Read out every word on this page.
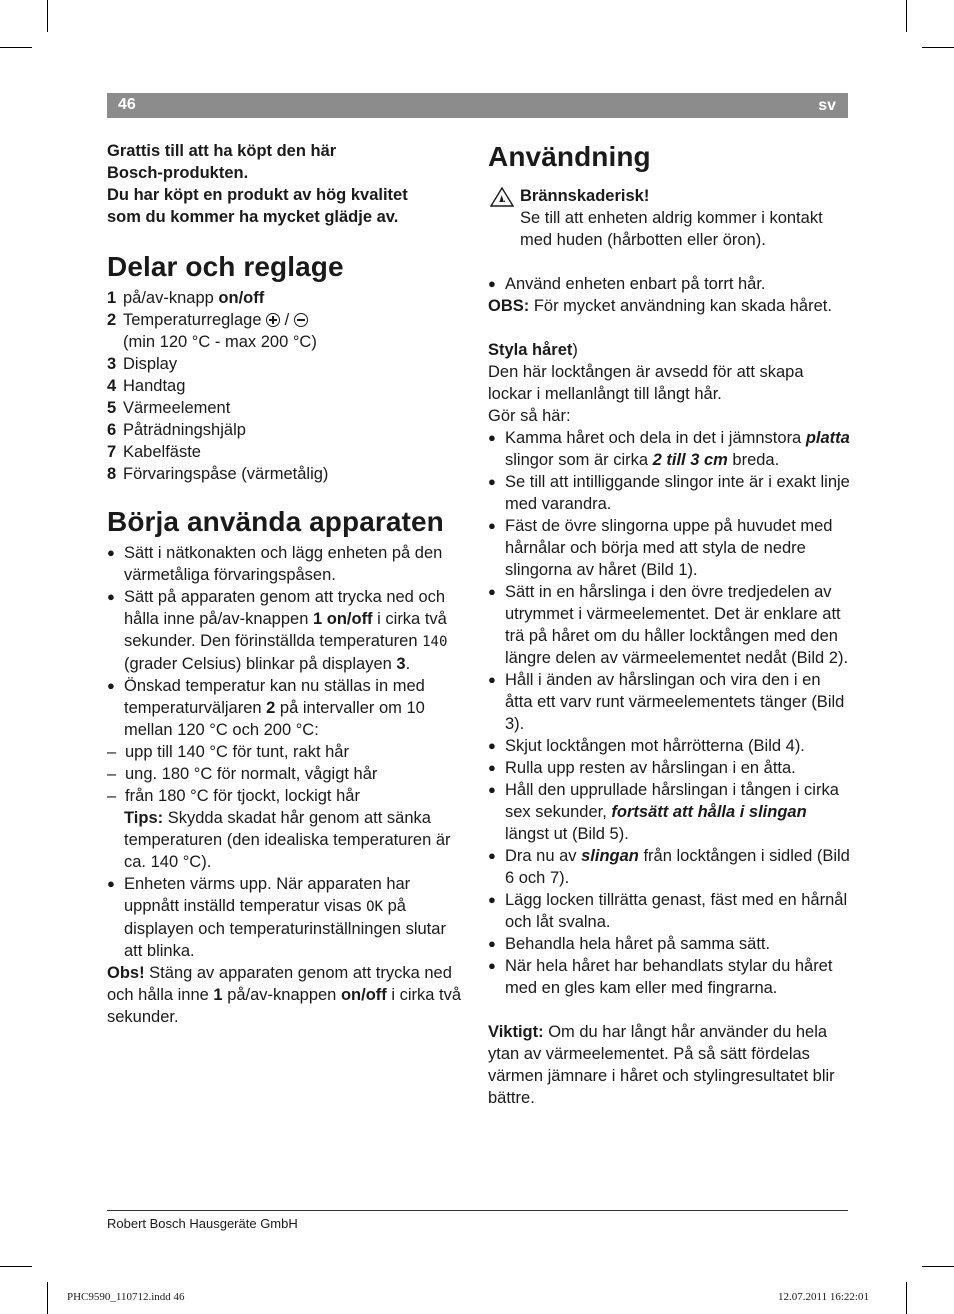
46	sv
Grattis till att ha köpt den här
Bosch-produkten.
Du har köpt en produkt av hög kvalitet
som du kommer ha mycket glädje av.
Delar och reglage
1 på/av-knapp on/off
2 Temperaturreglage
/

(min 120 °C - max 200 °C)
3 Display
4 Handtag
5 Värmeelement
6 Påträdningshjälp
7 Kabelfäste
8 Förvaringspåse (värmetålig)
Börja använda apparaten
● Sätt i nätkonakten och lägg enheten på den värmetåliga förvaringspåsen.
● Sätt på apparaten genom att trycka ned och hålla inne på/av-knappen 1 on/off i cirka två sekunder. Den förinställda temperaturen 140 (grader Celsius) blinkar på displayen 3.
● Önskad temperatur kan nu ställas in med temperaturväljaren 2 på intervaller om 10 mellan 120 °C och 200 °C:
– upp till 140 °C för tunt, rakt hår
– ung. 180 °C för normalt, vågigt hår
– från 180 °C för tjockt, lockigt hår
Tips: Skydda skadat hår genom att sänka temperaturen (den idealiska temperaturen är ca. 140 °C).
● Enheten värms upp. När apparaten har uppnått inställd temperatur visas OK på displayen och temperaturinställningen slutar att blinka.
Obs! Stäng av apparaten genom att trycka ned och hålla inne 1 på/av-knappen on/off i cirka två sekunder.
Användning
Brännskaderisk!
Se till att enheten aldrig kommer i kontakt med huden (hårbotten eller öron).
● Använd enheten enbart på torrt hår.
OBS: För mycket användning kan skada håret.
Styla håret)
Den här locktången är avsedd för att skapa lockar i mellanlångt till långt hår.
Gör så här:
● Kamma håret och dela in det i jämnstora platta slingor som är cirka 2 till 3 cm breda.
● Se till att intilliggande slingor inte är i exakt linje med varandra.
● Fäst de övre slingorna uppe på huvudet med hårnålar och börja med att styla de nedre slingorna av håret (Bild 1).
● Sätt in en hårslinga i den övre tredjedelen av utrymmet i värmeelementet. Det är enklare att trä på håret om du håller locktången med den längre delen av värmeelementet nedåt (Bild 2).
● Håll i änden av hårslingan och vira den i en åtta ett varv runt värmeelementets tänger (Bild 3).
● Skjut locktången mot hårrötterna (Bild 4).
● Rulla upp resten av hårslingan i en åtta.
● Håll den upprullade hårslingan i tången i cirka sex sekunder, fortsätt att hålla i slingan längst ut (Bild 5).
● Dra nu av slingan från locktången i sidled (Bild 6 och 7).
● Lägg locken tillrätta genast, fäst med en hårnål och låt svalna.
● Behandla hela håret på samma sätt.
● När hela håret har behandlats stylar du håret med en gles kam eller med fingrarna.
Viktigt: Om du har långt hår använder du hela ytan av värmeelementet. På så sätt fördelas värmen jämnare i håret och stylingresultatet blir bättre.
Robert Bosch Hausgeräte GmbH
PHC9590_110712.indd 46	12.07.2011 16:22:01
